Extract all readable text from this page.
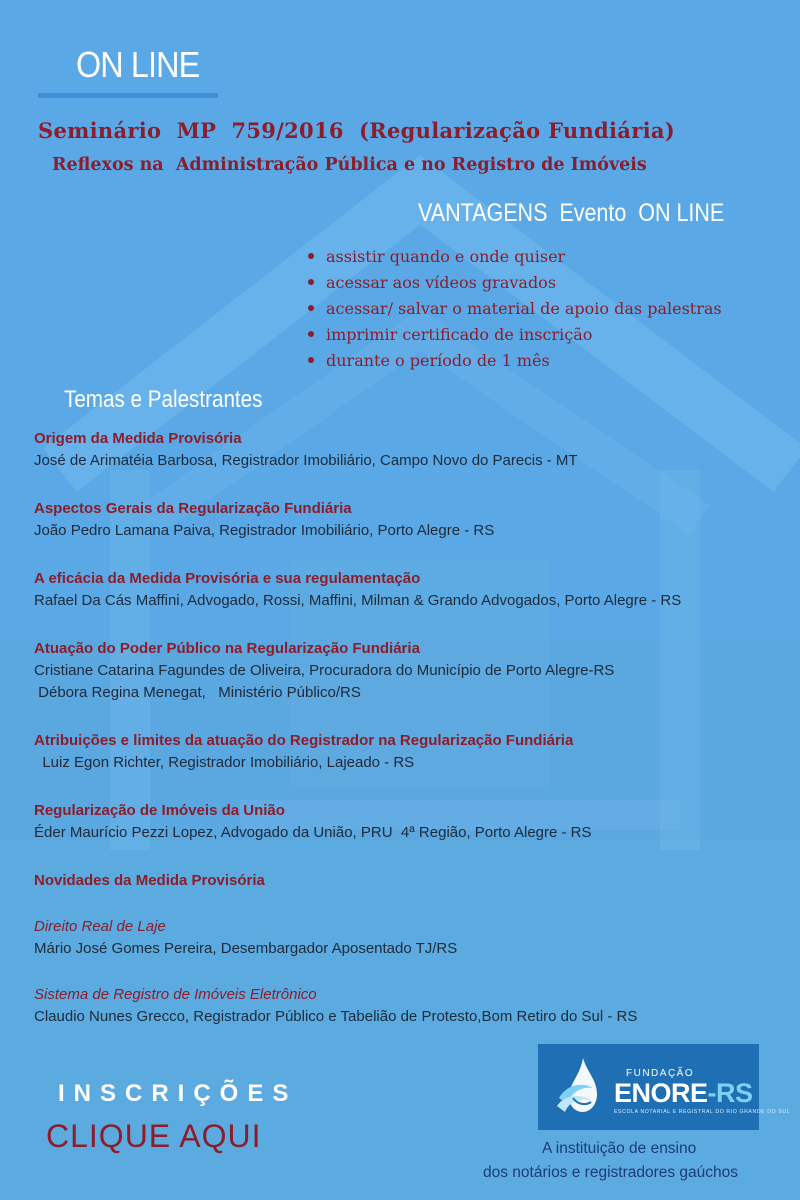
ON LINE
Seminário  MP  759/2016  (Regularização Fundiária)
Reflexos na  Administração Pública e no Registro de Imóveis
VANTAGENS  Evento  ON LINE
assistir quando e onde quiser
acessar aos vídeos gravados
acessar/ salvar o material de apoio das palestras
imprimir certificado de inscrição
durante o período de 1 mês
Temas e Palestrantes
Origem da Medida Provisória
José de Arimatéia Barbosa, Registrador Imobiliário, Campo Novo do Parecis - MT
Aspectos Gerais da Regularização Fundiária
João Pedro Lamana Paiva, Registrador Imobiliário, Porto Alegre - RS
A eficácia da Medida Provisória e sua regulamentação
Rafael Da Cás Maffini, Advogado, Rossi, Maffini, Milman & Grando Advogados, Porto Alegre - RS
Atuação do Poder Público na Regularização Fundiária
Cristiane Catarina Fagundes de Oliveira, Procuradora do Município de Porto Alegre-RS
Débora Regina Menegat,   Ministério Público/RS
Atribuições e limites da atuação do Registrador na Regularização Fundiária
Luiz Egon Richter, Registrador Imobiliário, Lajeado - RS
Regularização de Imóveis da União
Éder Maurício Pezzi Lopez, Advogado da União, PRU  4ª Região, Porto Alegre - RS
Novidades da Medida Provisória
Direito Real de Laje
Mário José Gomes Pereira, Desembargador Aposentado TJ/RS
Sistema de Registro de Imóveis Eletrônico
Claudio Nunes Grecco, Registrador Público e Tabelião de Protesto,Bom Retiro do Sul - RS
INSCRIÇÕES
CLIQUE AQUI
FUNDAÇÃO
ENORE-RS
ESCOLA NOTARIAL E REGISTRAL DO RIO GRANDE DO SUL
A instituição de ensino
dos notários e registradores gaúchos
